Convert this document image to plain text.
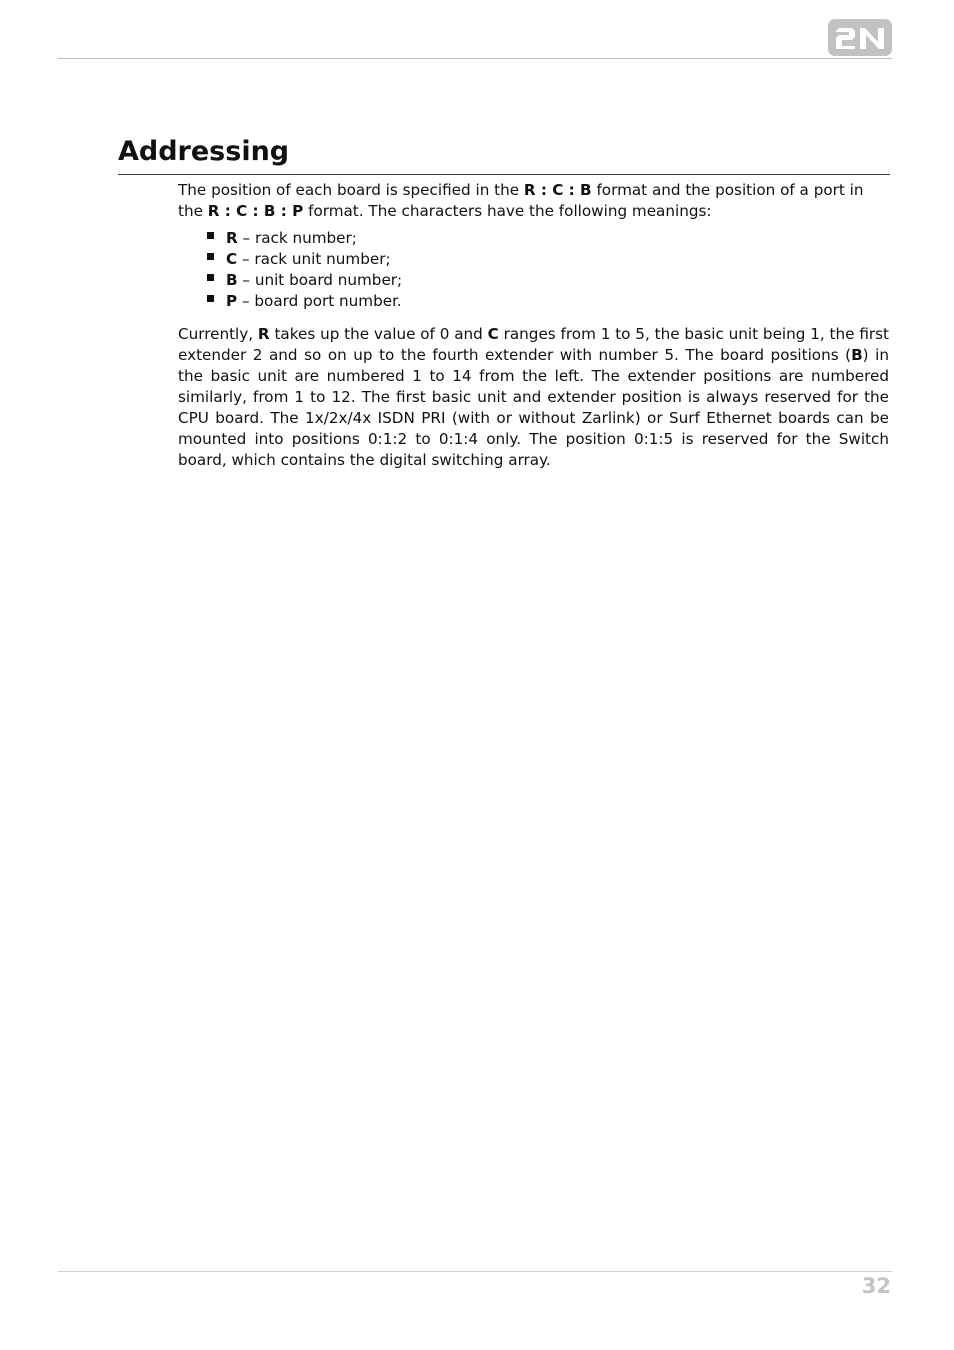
Addressing

The position of each board is specified in the R : C : B format and the position of a port in the R : C : B : P format. The characters have the following meanings:

R – rack number;
C – rack unit number;
B – unit board number;
P – board port number.

Currently, R takes up the value of 0 and C ranges from 1 to 5, the basic unit being 1, the first extender 2 and so on up to the fourth extender with number 5. The board positions (B) in the basic unit are numbered 1 to 14 from the left. The extender positions are numbered similarly, from 1 to 12. The first basic unit and extender position is always reserved for the CPU board. The 1x/2x/4x ISDN PRI (with or without Zarlink) or Surf Ethernet boards can be mounted into positions 0:1:2 to 0:1:4 only. The position 0:1:5 is reserved for the Switch board, which contains the digital switching array.

32
